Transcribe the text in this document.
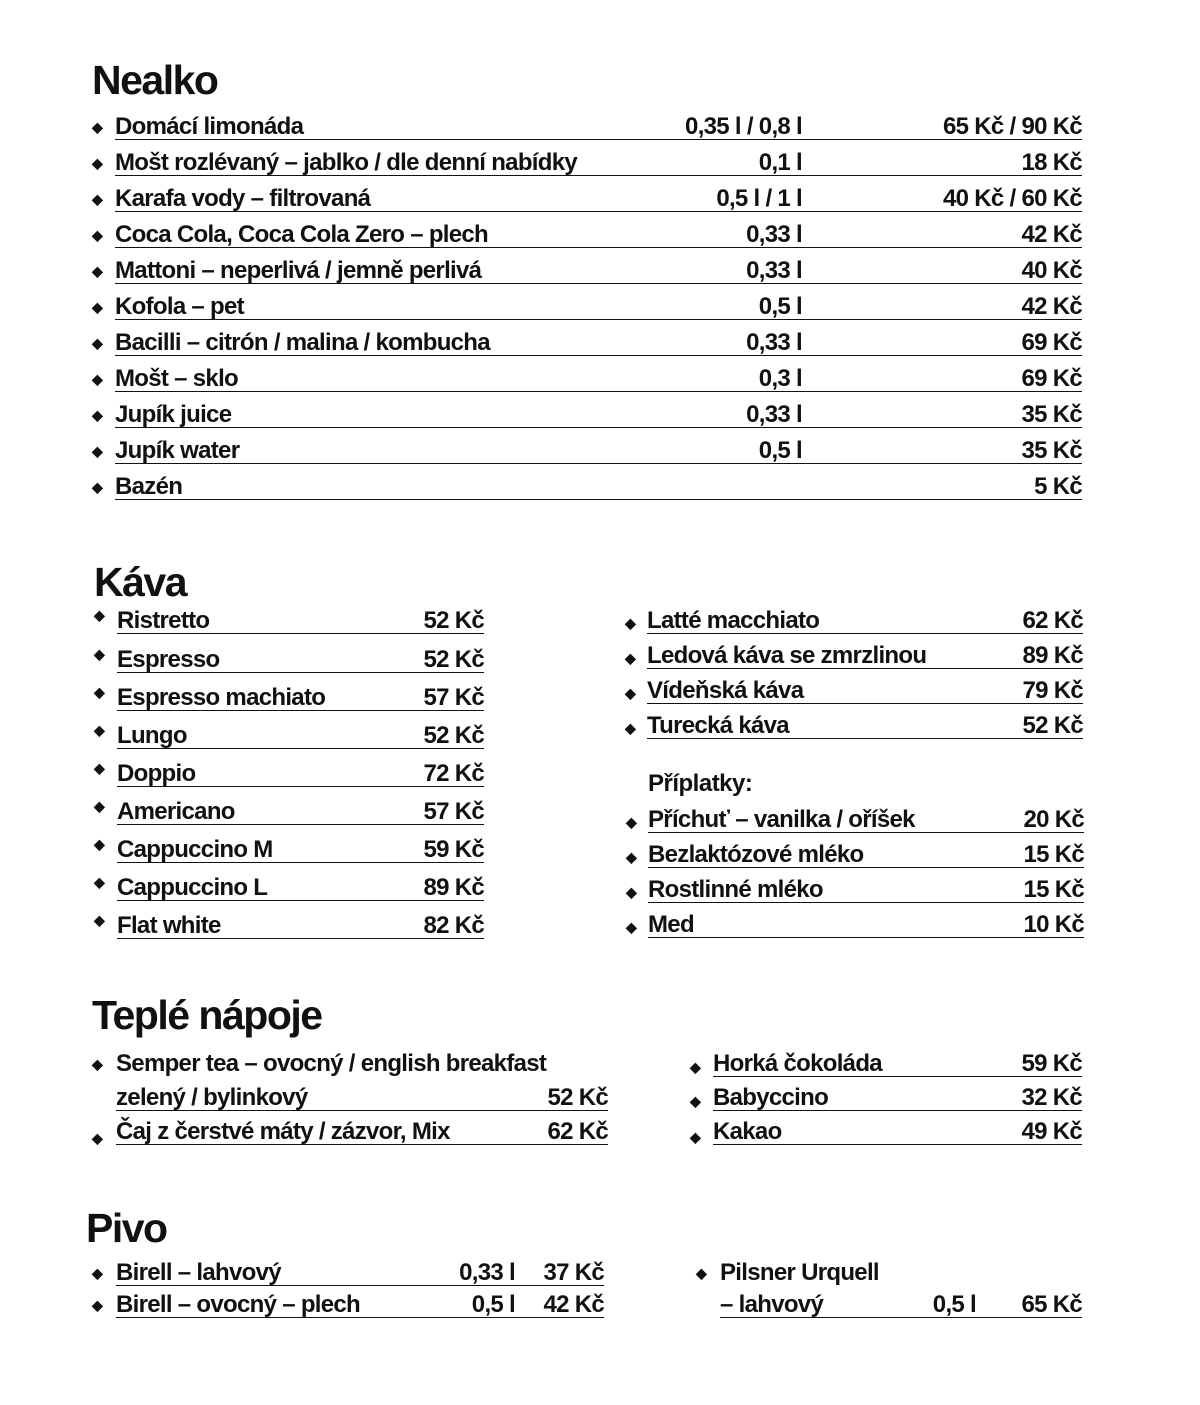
Nealko
◆ Domácí limonáda	0,35 l / 0,8 l	65 Kč / 90 Kč
◆ Mošt rozlévaný – jablko / dle denní nabídky	0,1 l	18 Kč
◆ Karafa vody – filtrovaná	0,5 l / 1 l	40 Kč / 60 Kč
◆ Coca Cola, Coca Cola Zero – plech	0,33 l	42 Kč
◆ Mattoni – neperlivá / jemně perlivá	0,33 l	40 Kč
◆ Kofola – pet	0,5 l	42 Kč
◆ Bacilli – citrón / malina / kombucha	0,33 l	69 Kč
◆ Mošt – sklo	0,3 l	69 Kč
◆ Jupík juice	0,33 l	35 Kč
◆ Jupík water	0,5 l	35 Kč
◆ Bazén	5 Kč
Káva
◆ Ristretto	52 Kč
◆ Espresso	52 Kč
◆ Espresso machiato	57 Kč
◆ Lungo	52 Kč
◆ Doppio	72 Kč
◆ Americano	57 Kč
◆ Cappuccino M	59 Kč
◆ Cappuccino L	89 Kč
◆ Flat white	82 Kč
◆ Latté macchiato	62 Kč
◆ Ledová káva se zmrzlinou	89 Kč
◆ Vídeňská káva	79 Kč
◆ Turecká káva	52 Kč
Příplatky:
◆ Příchuť – vanilka / oříšek	20 Kč
◆ Bezlaktózové mléko	15 Kč
◆ Rostlinné mléko	15 Kč
◆ Med	10 Kč
Teplé nápoje
◆ Semper tea – ovocný / english breakfast
zelený / bylinkový	52 Kč
◆ Čaj z čerstvé máty / zázvor, Mix	62 Kč
◆ Horká čokoláda	59 Kč
◆ Babyccino	32 Kč
◆ Kakao	49 Kč
Pivo
◆ Birell – lahvový	0,33 l 37 Kč
◆ Birell – ovocný – plech	0,5 l 42 Kč
◆ Pilsner Urquell
– lahvový	0,5 l 65 Kč
